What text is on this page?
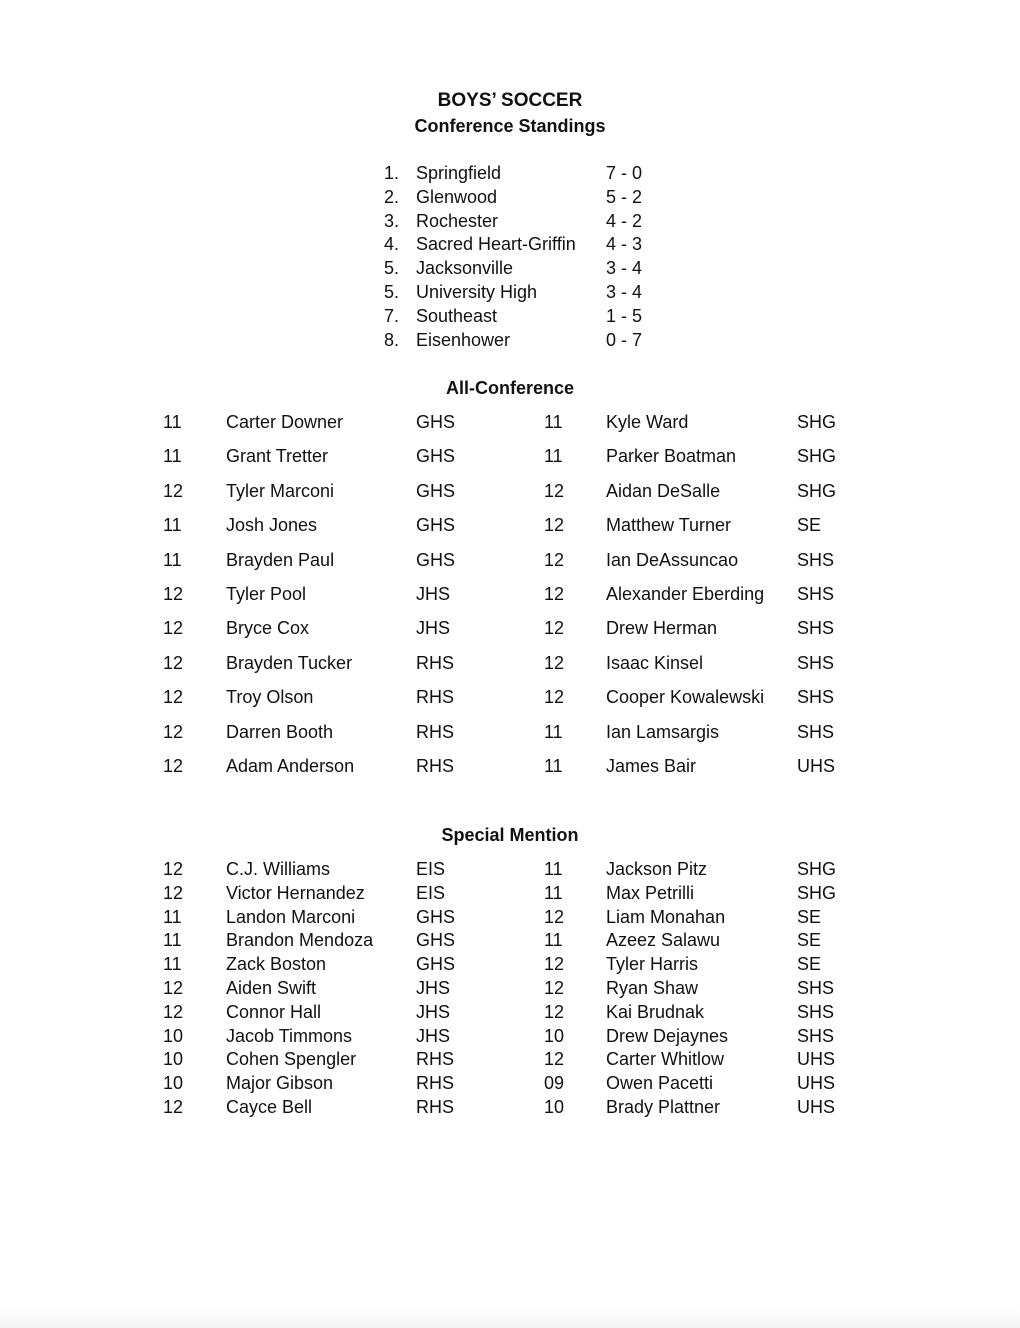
BOYS’ SOCCER
Conference Standings
1. Springfield	7 - 0
2. Glenwood	5 - 2
3. Rochester	4 - 2
4. Sacred Heart-Griffin 4 - 3
5. Jacksonville	3 - 4
5. University High	3 - 4
7. Southeast	1 - 5
8. Eisenhower	0 - 7
All-Conference
11 Carter Downer	GHS	11 Kyle Ward	SHG
11 Grant Tretter	GHS	11 Parker Boatman	SHG
12 Tyler Marconi	GHS	12 Aidan DeSalle	SHG
11 Josh Jones	GHS	12 Matthew Turner	SE
11 Brayden Paul	GHS	12 Ian DeAssuncao	SHS
12 Tyler Pool	JHS	12 Alexander Eberding SHS
12 Bryce Cox	JHS	12 Drew Herman	SHS
12 Brayden Tucker	RHS	12 Isaac Kinsel	SHS
12 Troy Olson	RHS	12 Cooper Kowalewski SHS
12 Darren Booth	RHS	11 Ian Lamsargis	SHS
12 Adam Anderson	RHS	11 James Bair	UHS
Special Mention
12 C.J. Williams	EIS	11 Jackson Pitz	SHG
12 Victor Hernandez	EIS	11 Max Petrilli	SHG
11 Landon Marconi	GHS	12 Liam Monahan	SE
11 Brandon Mendoza GHS	11 Azeez Salawu	SE
11 Zack Boston	GHS	12 Tyler Harris	SE
12 Aiden Swift	JHS	12 Ryan Shaw	SHS
12 Connor Hall	JHS	12 Kai Brudnak	SHS
10 Jacob Timmons	JHS	10 Drew Dejaynes	SHS
10 Cohen Spengler	RHS	12 Carter Whitlow	UHS
10 Major Gibson	RHS	09 Owen Pacetti	UHS
12 Cayce Bell	RHS	10 Brady Plattner	UHS
